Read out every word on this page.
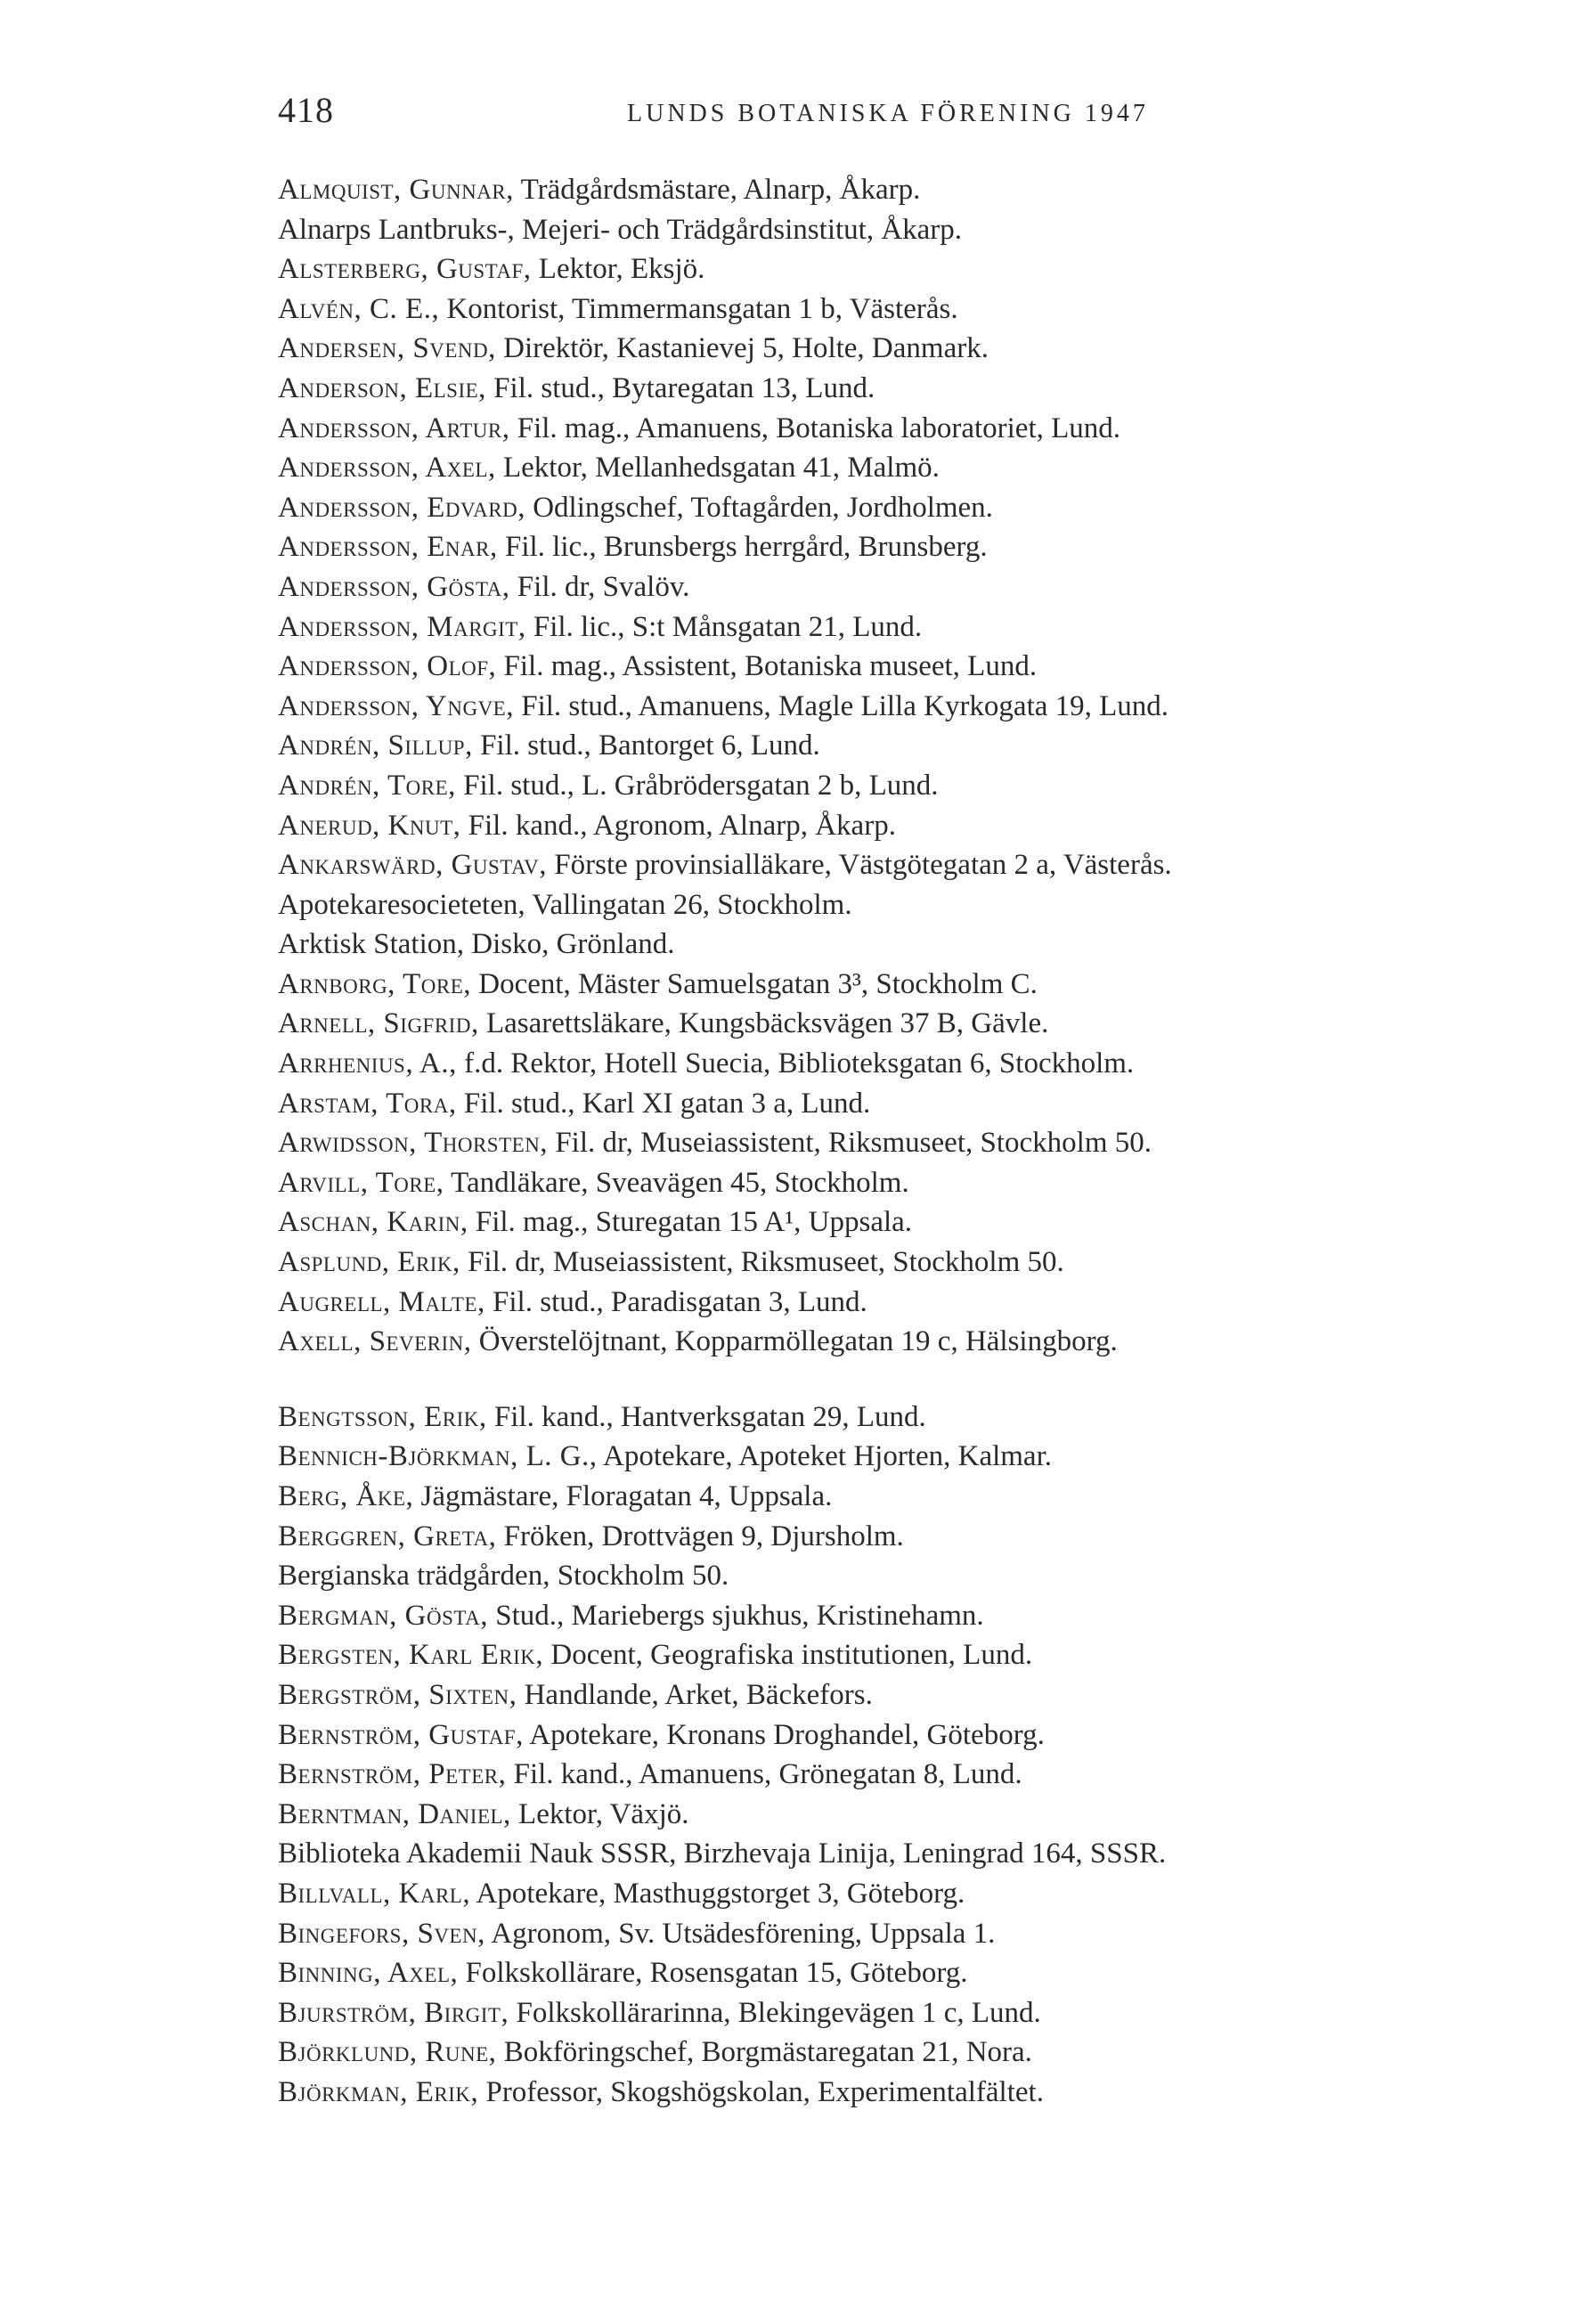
418	LUNDS BOTANISKA FÖRENING 1947
Almquist, Gunnar, Trädgårdsmästare, Alnarp, Åkarp.
Alnarps Lantbruks-, Mejeri- och Trädgårdsinstitut, Åkarp.
Alsterberg, Gustaf, Lektor, Eksjö.
Alvén, C. E., Kontorist, Timmermansgatan 1 b, Västerås.
Andersen, Svend, Direktör, Kastanievej 5, Holte, Danmark.
Anderson, Elsie, Fil. stud., Bytaregatan 13, Lund.
Andersson, Artur, Fil. mag., Amanuens, Botaniska laboratoriet, Lund.
Andersson, Axel, Lektor, Mellanhedsgatan 41, Malmö.
Andersson, Edvard, Odlingschef, Toftagården, Jordholmen.
Andersson, Enar, Fil. lic., Brunsbergs herrgård, Brunsberg.
Andersson, Gösta, Fil. dr, Svalöv.
Andersson, Margit, Fil. lic., S:t Månsgatan 21, Lund.
Andersson, Olof, Fil. mag., Assistent, Botaniska museet, Lund.
Andersson, Yngve, Fil. stud., Amanuens, Magle Lilla Kyrkogata 19, Lund.
Andrén, Sillup, Fil. stud., Bantorget 6, Lund.
Andrén, Tore, Fil. stud., L. Gråbrödersgatan 2 b, Lund.
Anerud, Knut, Fil. kand., Agronom, Alnarp, Åkarp.
Ankarswärd, Gustav, Förste provinsialläkare, Västgötegatan 2 a, Västerås.
Apotekaresocieteten, Vallingatan 26, Stockholm.
Arktisk Station, Disko, Grönland.
Arnborg, Tore, Docent, Mäster Samuelsgatan 3³, Stockholm C.
Arnell, Sigfrid, Lasarettsläkare, Kungsbäcksvägen 37 B, Gävle.
Arrhenius, A., f.d. Rektor, Hotell Suecia, Biblioteksgatan 6, Stockholm.
Arstam, Tora, Fil. stud., Karl XI gatan 3 a, Lund.
Arwidsson, Thorsten, Fil. dr, Museiassistent, Riksmuseet, Stockholm 50.
Arvill, Tore, Tandläkare, Sveavägen 45, Stockholm.
Aschan, Karin, Fil. mag., Sturegatan 15 A¹, Uppsala.
Asplund, Erik, Fil. dr, Museiassistent, Riksmuseet, Stockholm 50.
Augrell, Malte, Fil. stud., Paradisgatan 3, Lund.
Axell, Severin, Överstelöjtnant, Kopparmöllegatan 19 c, Hälsingborg.
Bengtsson, Erik, Fil. kand., Hantverksgatan 29, Lund.
Bennich-Björkman, L. G., Apotekare, Apoteket Hjorten, Kalmar.
Berg, Åke, Jägmästare, Floragatan 4, Uppsala.
Berggren, Greta, Fröken, Drottvägen 9, Djursholm.
Bergianska trädgården, Stockholm 50.
Bergman, Gösta, Stud., Mariebergs sjukhus, Kristinehamn.
Bergsten, Karl Erik, Docent, Geografiska institutionen, Lund.
Bergström, Sixten, Handlande, Arket, Bäckefors.
Bernström, Gustaf, Apotekare, Kronans Droghandel, Göteborg.
Bernström, Peter, Fil. kand., Amanuens, Grönegatan 8, Lund.
Berntman, Daniel, Lektor, Växjö.
Biblioteka Akademii Nauk SSSR, Birzhevaja Linija, Leningrad 164, SSSR.
Billvall, Karl, Apotekare, Masthuggstorget 3, Göteborg.
Bingefors, Sven, Agronom, Sv. Utsädesförening, Uppsala 1.
Binning, Axel, Folkskollärare, Rosensgatan 15, Göteborg.
Bjurström, Birgit, Folkskollärarinna, Blekingevägen 1 c, Lund.
Björklund, Rune, Bokföringschef, Borgmästaregatan 21, Nora.
Björkman, Erik, Professor, Skogshögskolan, Experimentalfältet.
